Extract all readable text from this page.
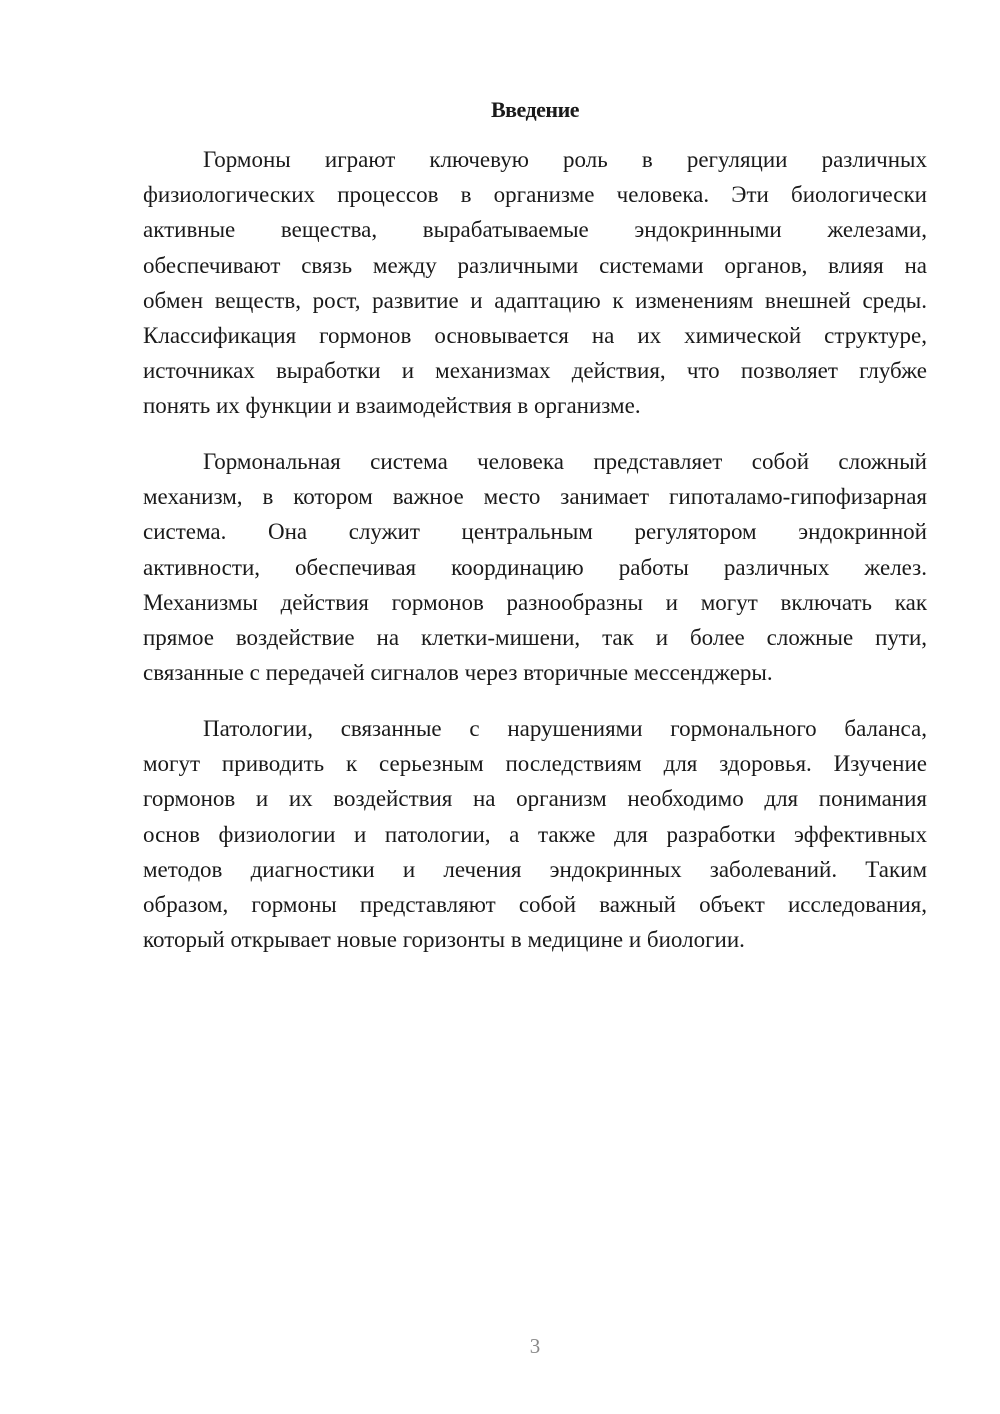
Введение
Гормоны играют ключевую роль в регуляции различных
физиологических процессов в организме человека. Эти биологически
активные вещества, вырабатываемые эндокринными железами,
обеспечивают связь между различными системами органов, влияя на
обмен веществ, рост, развитие и адаптацию к изменениям внешней среды.
Классификация гормонов основывается на их химической структуре,
источниках выработки и механизмах действия, что позволяет глубже
понять их функции и взаимодействия в организме.
Гормональная система человека представляет собой сложный
механизм, в котором важное место занимает гипоталамо-гипофизарная
система. Она служит центральным регулятором эндокринной
активности, обеспечивая координацию работы различных желез.
Механизмы действия гормонов разнообразны и могут включать как
прямое воздействие на клетки-мишени, так и более сложные пути,
связанные с передачей сигналов через вторичные мессенджеры.
Патологии, связанные с нарушениями гормонального баланса,
могут приводить к серьезным последствиям для здоровья. Изучение
гормонов и их воздействия на организм необходимо для понимания
основ физиологии и патологии, а также для разработки эффективных
методов диагностики и лечения эндокринных заболеваний. Таким
образом, гормоны представляют собой важный объект исследования,
который открывает новые горизонты в медицине и биологии.
3
